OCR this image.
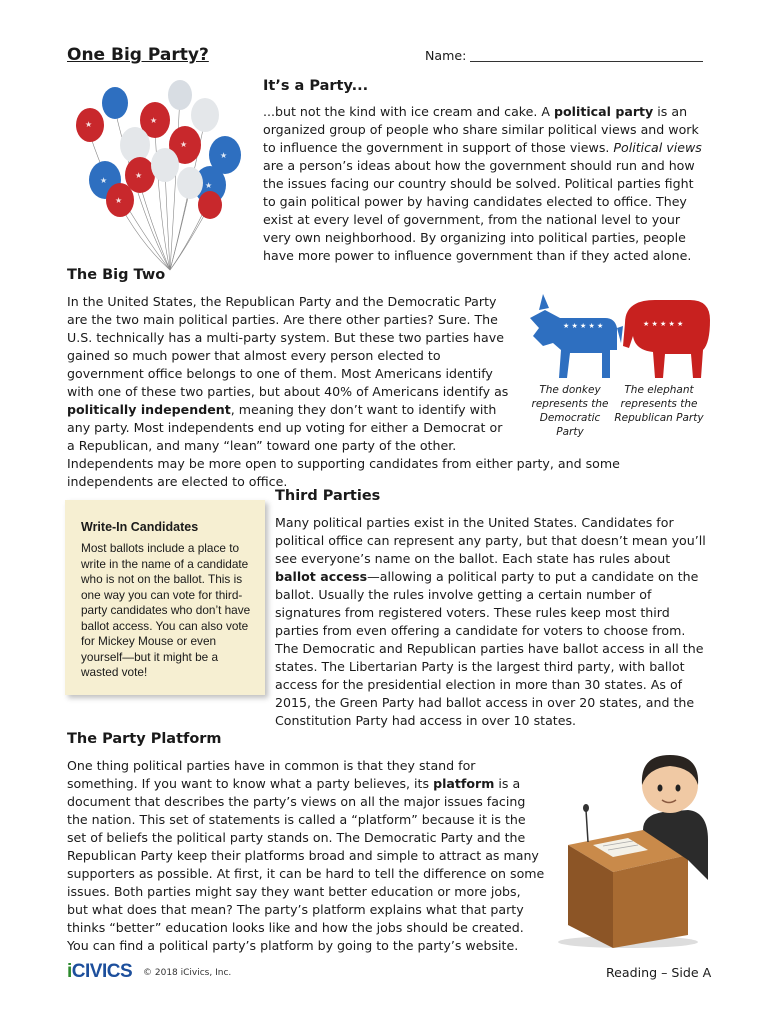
One Big Party?	Name:
★	★
★
★
★
★
★
★
It’s a Party...
...but not the kind with ice cream and cake. A political party is an organized group of people who share similar political views and work to influence the government in support of those views. Political views are a person’s ideas about how the government should run and how the issues facing our country should be solved. Political parties fight to gain political power by having candidates elected to office. They exist at every level of government, from the national level to your very own neighborhood. By organizing into political parties, people have more power to influence government than if they acted alone.
The Big Two
In the United States, the Republican Party and the Democratic Party are the two main political parties. Are there other parties? Sure. The U.S. technically has a multi-party system. But these two parties have gained so much power that almost every person elected to government office belongs to one of them. Most Americans identify with one of these two parties, but about 40% of Americans identify as politically independent, meaning they don’t want to identify with any party. Most independents end up voting for either a Democrat or a Republican, and many “lean” toward one party of the other. Independents may be more open to supporting candidates from either party, and some independents are elected to office.
★ ★ ★ ★ ★	★ ★ ★ ★ ★
The donkey represents the Democratic Party
The elephant represents the Republican Party
Write-In Candidates
Most ballots include a place to write in the name of a candidate who is not on the ballot. This is one way you can vote for third-party candidates who don’t have ballot access. You can also vote for Mickey Mouse or even yourself—but it might be a wasted vote!
Third Parties
Many political parties exist in the United States. Candidates for political office can represent any party, but that doesn’t mean you’ll see everyone’s name on the ballot. Each state has rules about ballot access—allowing a political party to put a candidate on the ballot. Usually the rules involve getting a certain number of signatures from registered voters. These rules keep most third parties from even offering a candidate for voters to choose from. The Democratic and Republican parties have ballot access in all the states. The Libertarian Party is the largest third party, with ballot access for the presidential election in more than 30 states. As of 2015, the Green Party had ballot access in over 20 states, and the Constitution Party had access in over 10 states.
The Party Platform
One thing political parties have in common is that they stand for something. If you want to know what a party believes, its platform is a document that describes the party’s views on all the major issues facing the nation. This set of statements is called a “platform” because it is the set of beliefs the political party stands on. The Democratic Party and the Republican Party keep their platforms broad and simple to attract as many supporters as possible. At first, it can be hard to tell the difference on some issues. Both parties might say they want better education or more jobs, but what does that mean? The party’s platform explains what that party thinks “better” education looks like and how the jobs should be created. You can find a political party’s platform by going to the party’s website.
iCIVICS © 2018 iCivics, Inc.	Reading – Side A
